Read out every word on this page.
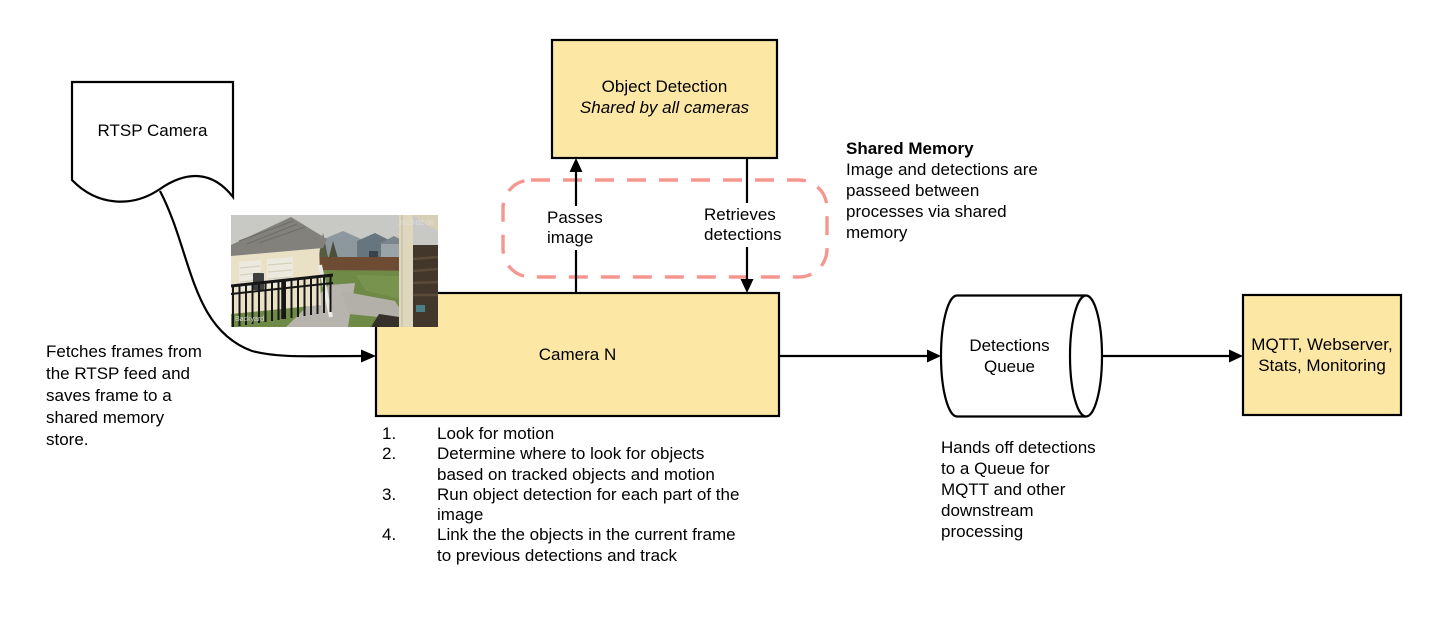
RTSP Camera
Fetches frames from
the RTSP feed and
saves frame to a
shared memory
store.
Object Detection
Shared by all cameras
Passes
image
Retrieves
detections
Shared Memory
Image and detections are
passeed between
processes via shared
memory
Camera N	Detections
Queue
MQTT, Webserver,
Stats, Monitoring
1.	Look for motion
2.	Determine where to look for objects
based on tracked objects and motion
3.	Run object detection for each part of the
image
4.	Link the the objects in the current frame
to previous detections and track
Hands off detections
to a Queue for
MQTT and other
downstream
processing
2019-02-06
Backyard
